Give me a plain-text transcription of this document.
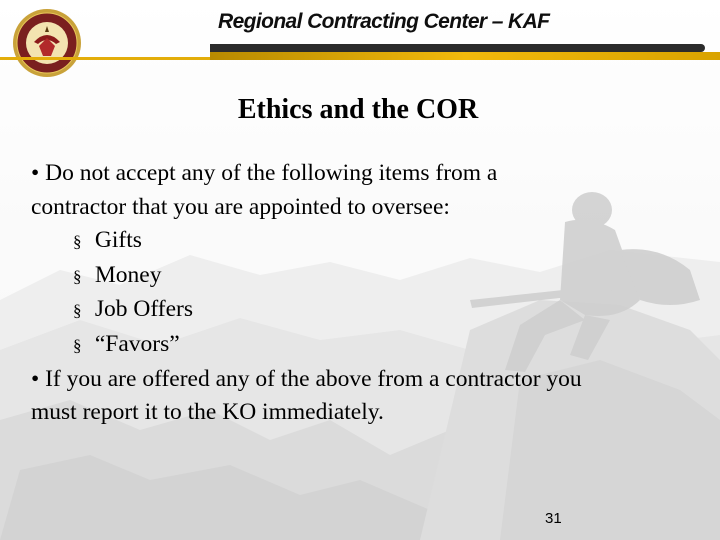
Regional Contracting Center – KAF
Ethics and the COR

• Do not accept any of the following items from a

contractor that you are appointed to oversee:

§ Gifts

§ Money

§ Job Offers

§ “Favors”

• If you are offered any of the above from a contractor you

must report it to the KO immediately.

31
